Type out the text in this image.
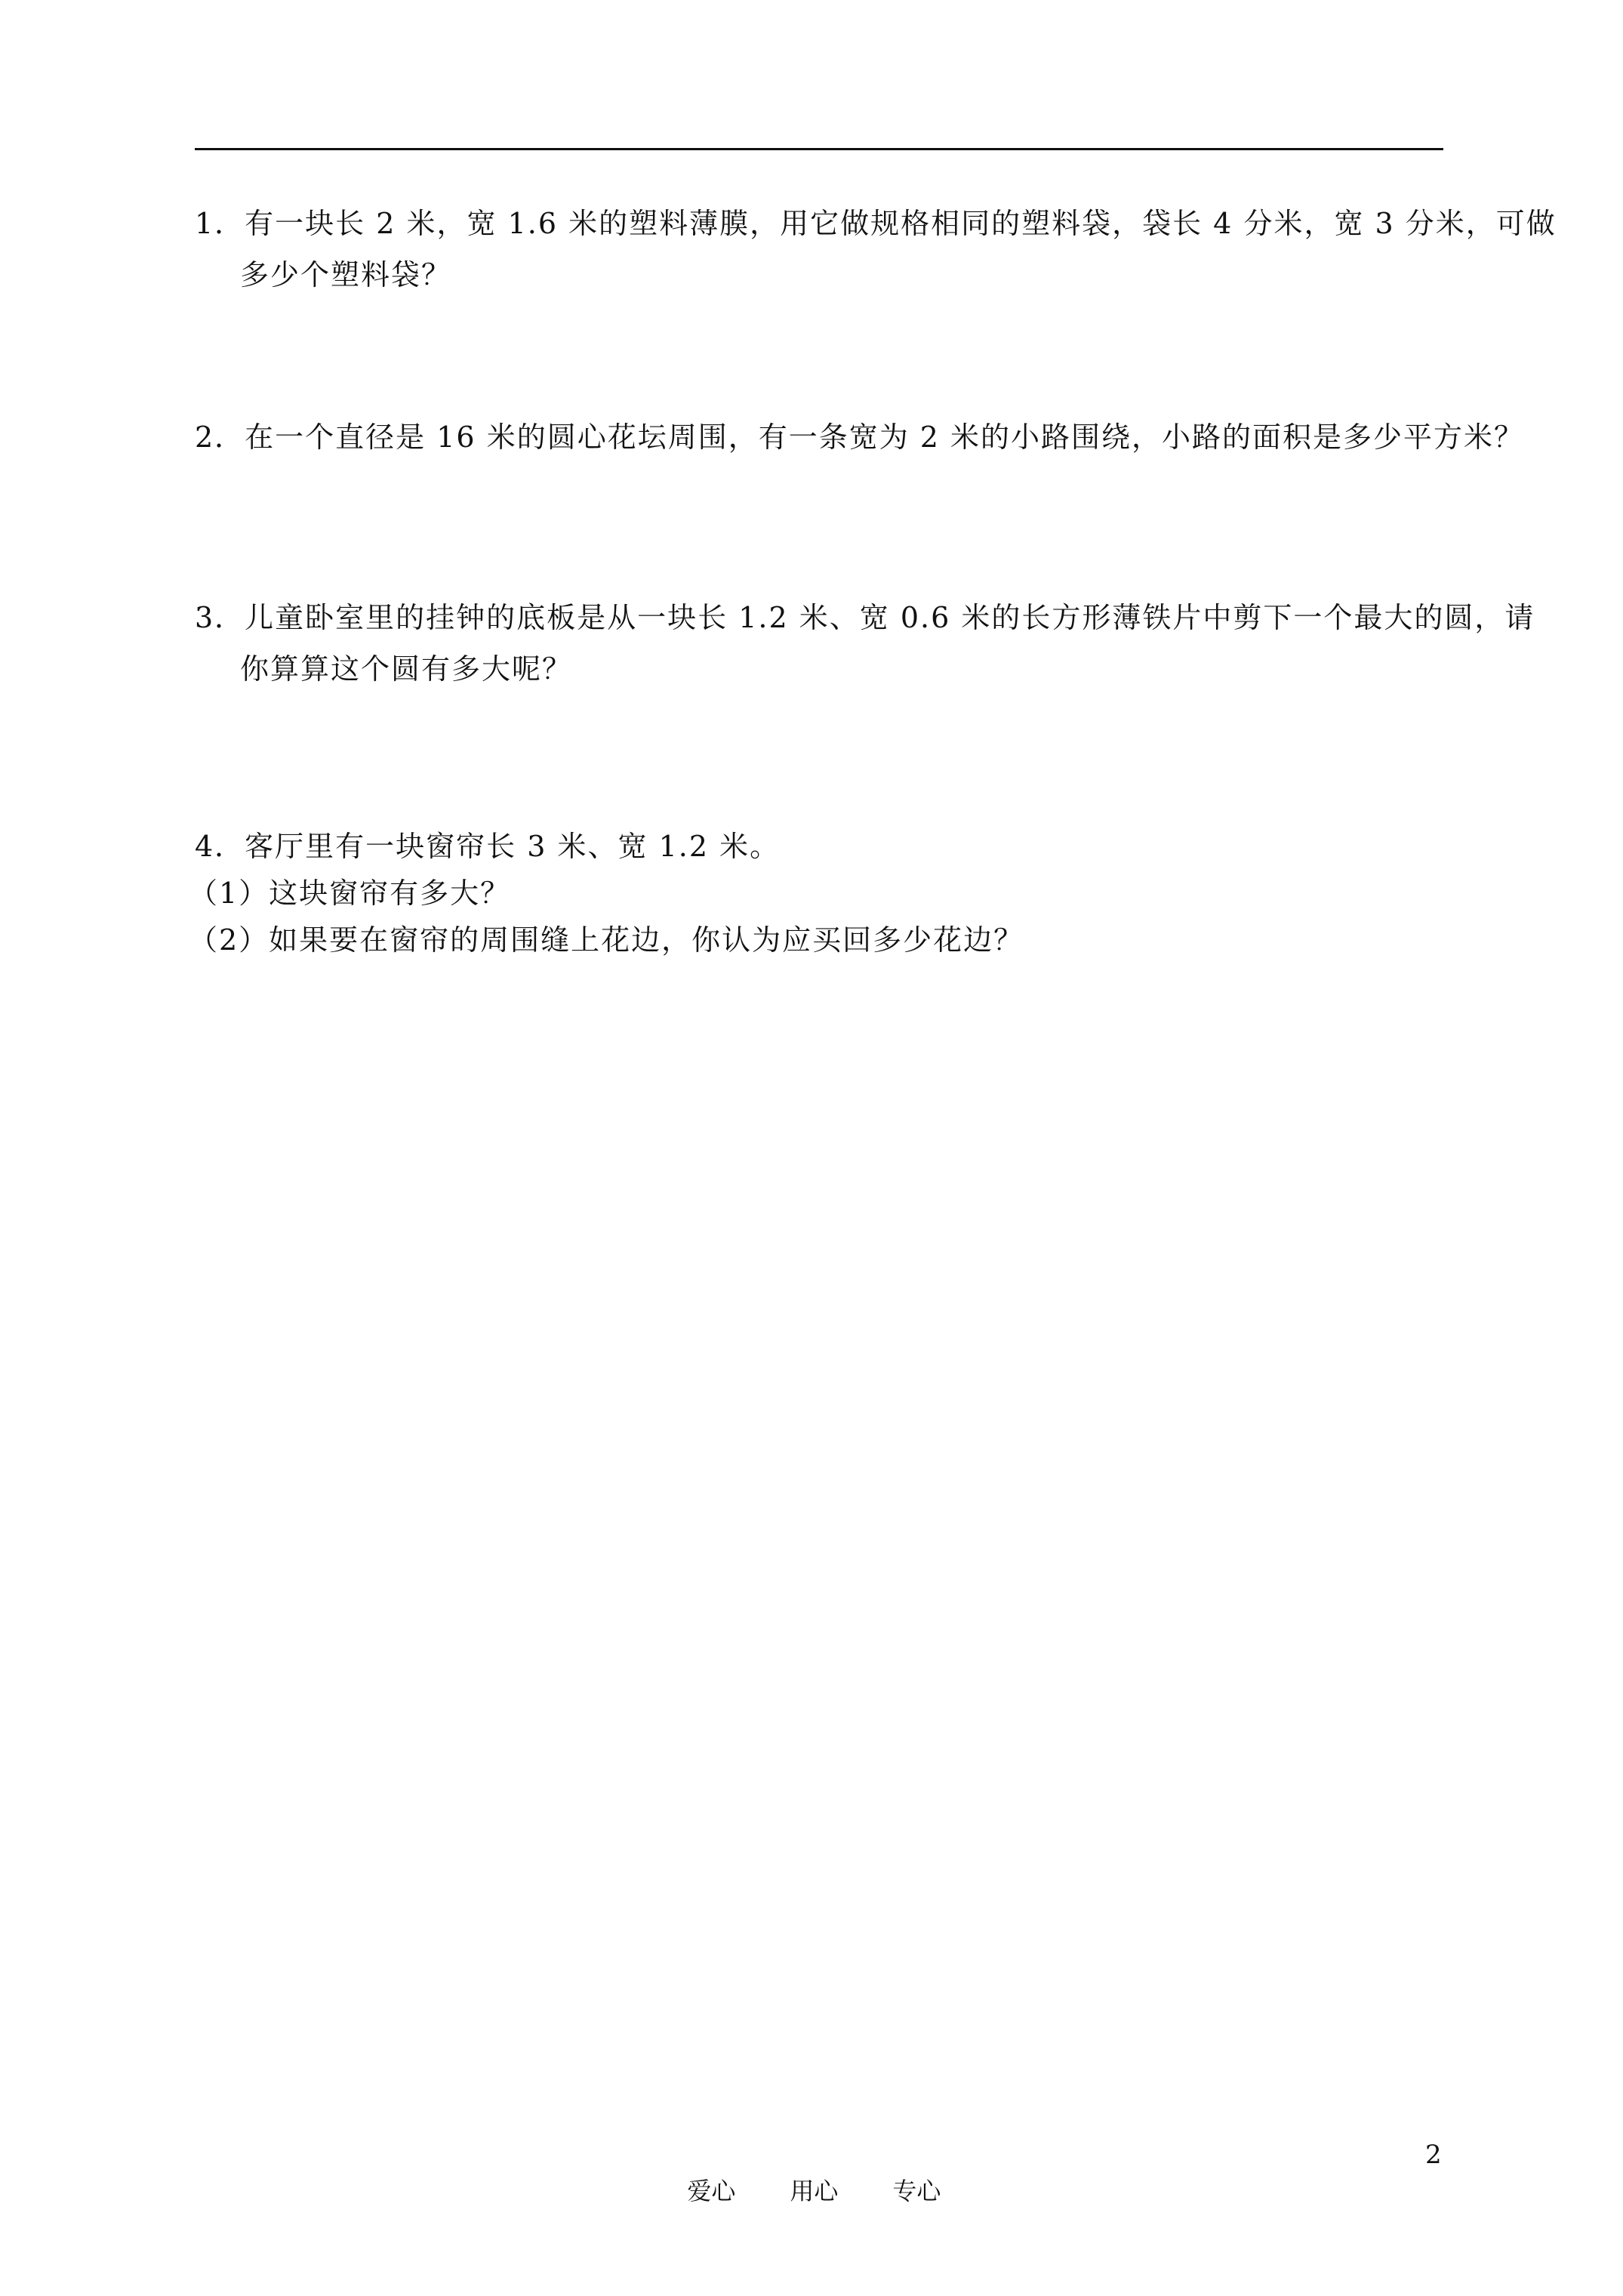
1．有一块长 2 米，宽 1.6 米的塑料薄膜，用它做规格相同的塑料袋，袋长 4 分米，宽 3 分米，可做
多少个塑料袋？
2．在一个直径是 16 米的圆心花坛周围，有一条宽为 2 米的小路围绕，小路的面积是多少平方米？
3．儿童卧室里的挂钟的底板是从一块长 1.2 米、宽 0.6 米的长方形薄铁片中剪下一个最大的圆，请
你算算这个圆有多大呢？
4．客厅里有一块窗帘长 3 米、宽 1.2 米。
（1）这块窗帘有多大？
（2）如果要在窗帘的周围缝上花边，你认为应买回多少花边？

爱心 用心 专心

2
